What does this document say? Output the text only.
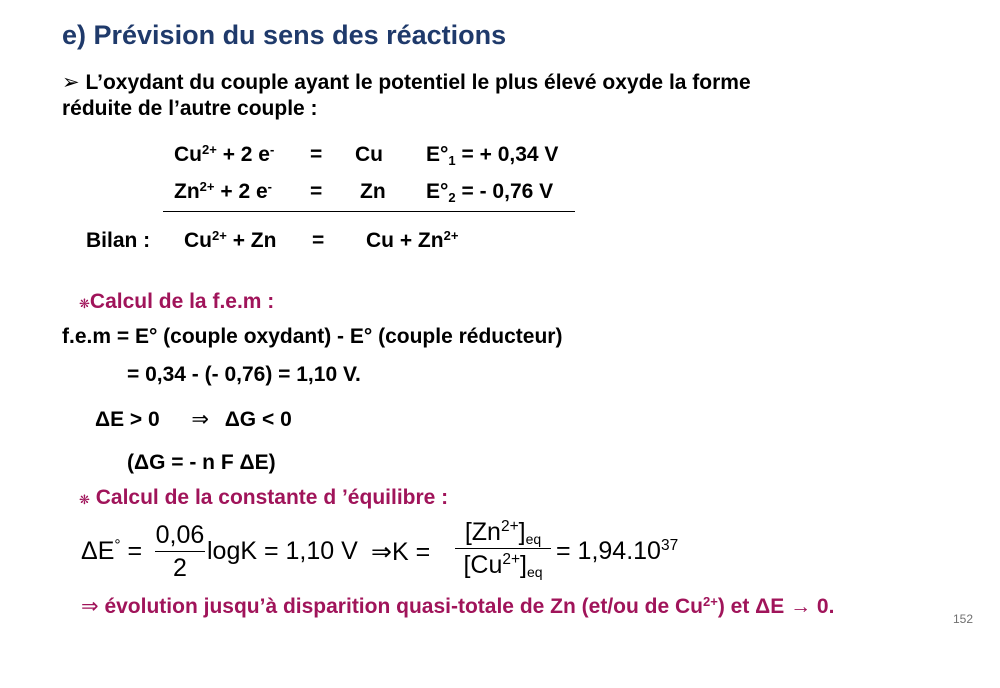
e) Prévision du sens des réactions
➢ L’oxydant du couple ayant le potentiel le plus élevé oxyde la forme
réduite de l’autre couple :
$Cu^{2+} + 2$ e- = Cu $E^\circ_1$ = + 0,34 V
$Zn^{2+} + 2$ e- = Zn $E^\circ_2$ = - 0,76 V
Bilan : $Cu^{2+} + Zn = Cu + Zn^{2+}$
❋Calcul de la f.e.m :
f.e.m = E° (couple oxydant) - E° (couple réducteur)
= 0,34 - (- 0,76) = 1,10 V.
ΔE > 0 ⇒ ΔG < 0
(ΔG = - n F ΔE)
❋ Calcul de la constante d ’équilibre :
ΔE° =
0,06
2
logK = 1,10 V ⇒K =
$[Zn^{2+}]_{eq}$
$[Cu^{2+}]_{eq}$
= $1,94.10^{37}$
⇒ évolution jusqu’à disparition quasi-totale de Zn (et/ou de $Cu^{2+}$) et ΔE → 0.
152
